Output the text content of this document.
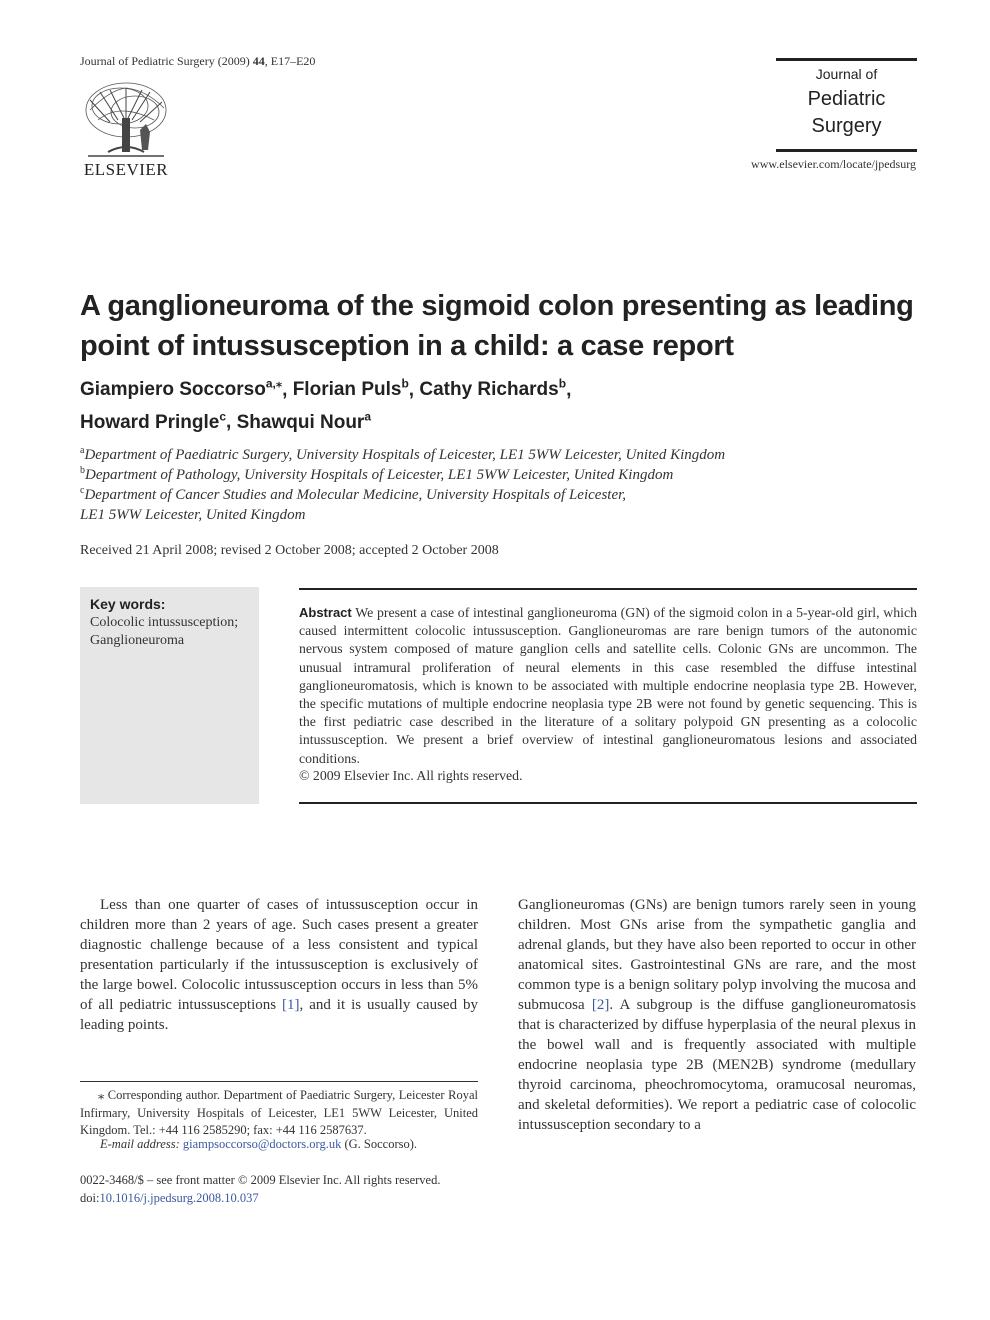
Journal of Pediatric Surgery (2009) 44, E17–E20
ELSEVIER
Journal of
Pediatric
Surgery
www.elsevier.com/locate/jpedsurg
A ganglioneuroma of the sigmoid colon presenting as leading point of intussusception in a child: a case report
Giampiero Soccorso$^{a,⁎}$, Florian Puls$^b$, Cathy Richards$^b$,
Howard Pringle$^c$, Shawqui Nour$^a$
$^a$Department of Paediatric Surgery, University Hospitals of Leicester, LE1 5WW Leicester, United Kingdom
$^b$Department of Pathology, University Hospitals of Leicester, LE1 5WW Leicester, United Kingdom
$^c$Department of Cancer Studies and Molecular Medicine, University Hospitals of Leicester,
LE1 5WW Leicester, United Kingdom
Received 21 April 2008; revised 2 October 2008; accepted 2 October 2008
Key words:
Colocolic intussusception;
Ganglioneuroma
Abstract We present a case of intestinal ganglioneuroma (GN) of the sigmoid colon in a 5-year-old girl, which caused intermittent colocolic intussusception. Ganglioneuromas are rare benign tumors of the autonomic nervous system composed of mature ganglion cells and satellite cells. Colonic GNs are uncommon. The unusual intramural proliferation of neural elements in this case resembled the diffuse intestinal ganglioneuromatosis, which is known to be associated with multiple endocrine neoplasia type 2B. However, the specific mutations of multiple endocrine neoplasia type 2B were not found by genetic sequencing. This is the first pediatric case described in the literature of a solitary polypoid GN presenting as a colocolic intussusception. We present a brief overview of intestinal ganglioneuromatous lesions and associated conditions.
© 2009 Elsevier Inc. All rights reserved.
Less than one quarter of cases of intussusception occur in children more than 2 years of age. Such cases present a greater diagnostic challenge because of a less consistent and typical presentation particularly if the intussusception is exclusively of the large bowel. Colocolic intussusception occurs in less than 5% of all pediatric intussusceptions [1], and it is usually caused by leading points.
Ganglioneuromas (GNs) are benign tumors rarely seen in young children. Most GNs arise from the sympathetic ganglia and adrenal glands, but they have also been reported to occur in other anatomical sites. Gastrointestinal GNs are rare, and the most common type is a benign solitary polyp involving the mucosa and submucosa [2]. A subgroup is the diffuse ganglioneuromatosis that is characterized by diffuse hyperplasia of the neural plexus in the bowel wall and is frequently associated with multiple endocrine neoplasia type 2B (MEN2B) syndrome (medullary thyroid carcinoma, pheochromocytoma, oramucosal neuromas, and skeletal deformities). We report a pediatric case of colocolic intussusception secondary to a
⁎ Corresponding author. Department of Paediatric Surgery, Leicester Royal Infirmary, University Hospitals of Leicester, LE1 5WW Leicester, United Kingdom. Tel.: +44 116 2585290; fax: +44 116 2587637.
E-mail address: giampsoccorso@doctors.org.uk (G. Soccorso).
0022-3468/$ – see front matter © 2009 Elsevier Inc. All rights reserved.
doi:10.1016/j.jpedsurg.2008.10.037
